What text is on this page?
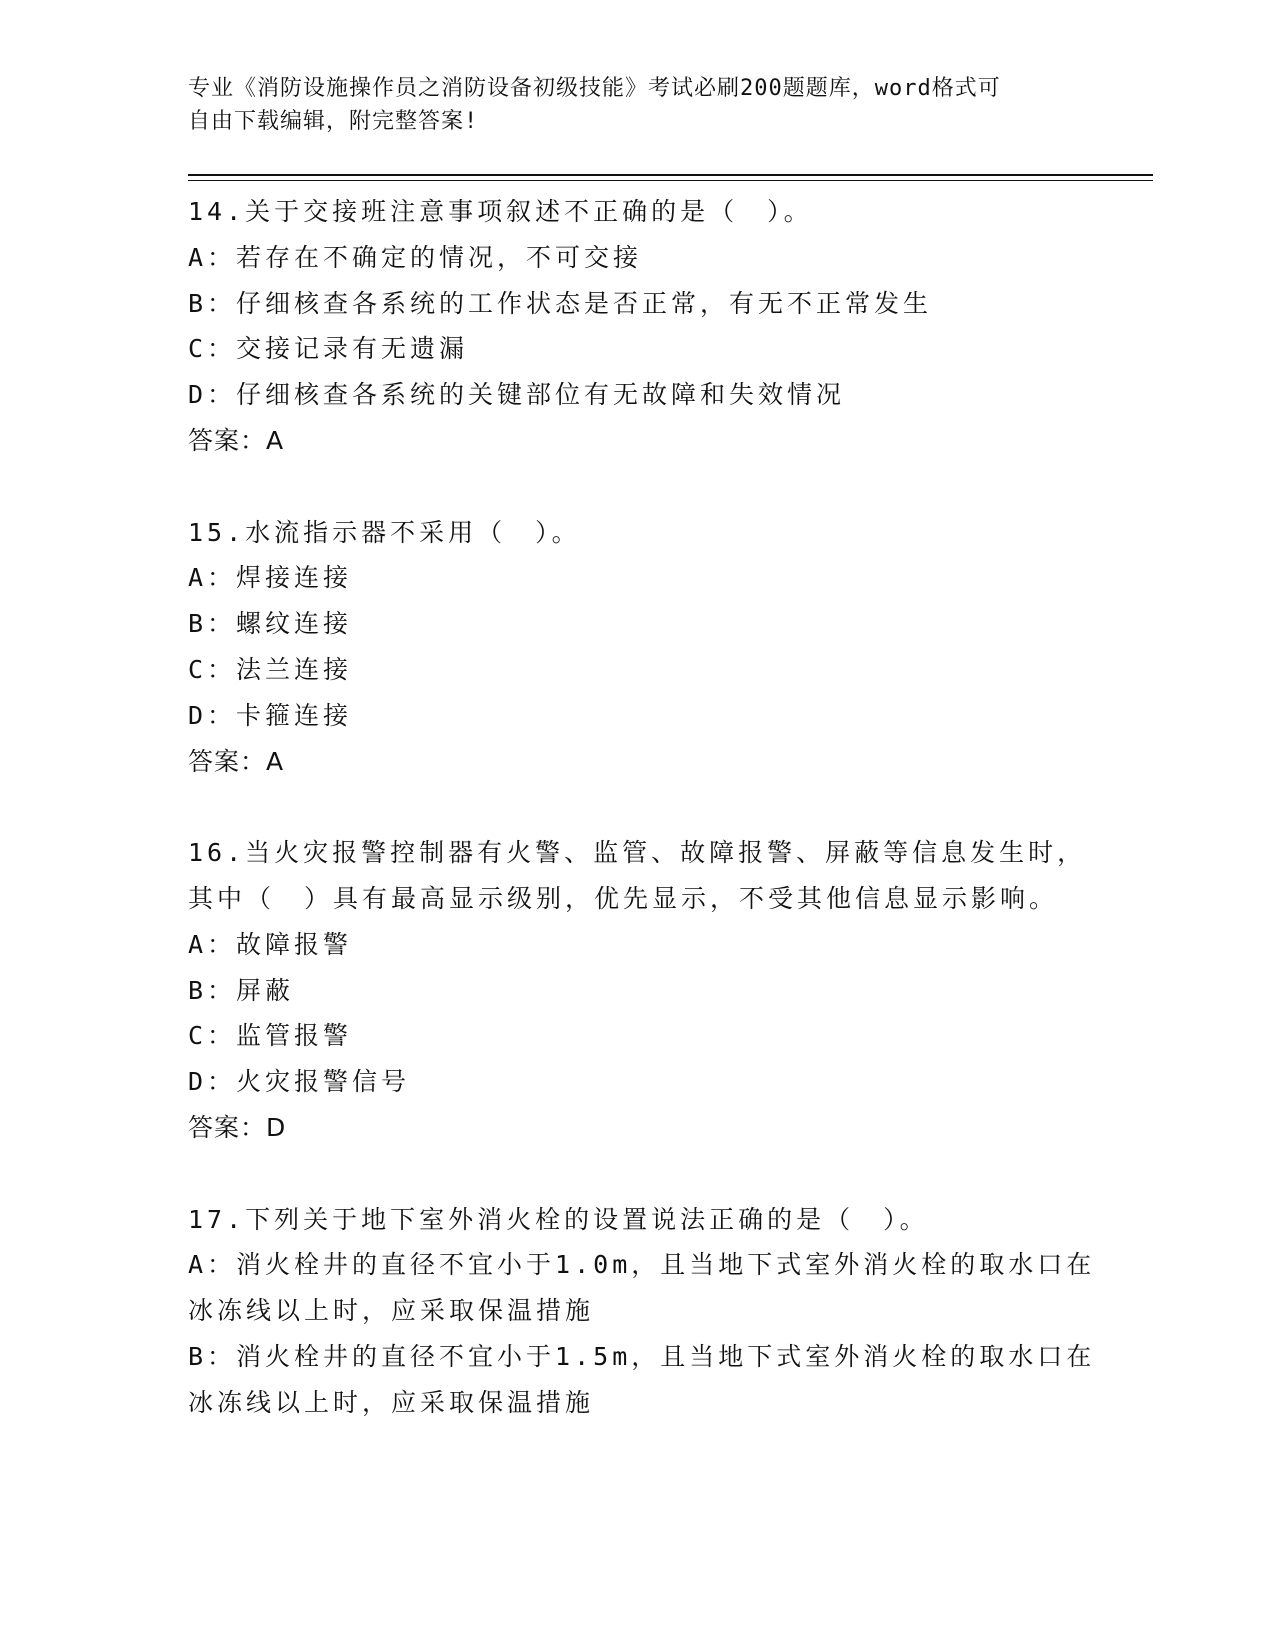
专业《消防设施操作员之消防设备初级技能》考试必刷200题题库，word格式可
自由下载编辑，附完整答案!
14.关于交接班注意事项叙述不正确的是（　）。
A：若存在不确定的情况，不可交接
B：仔细核查各系统的工作状态是否正常，有无不正常发生
C：交接记录有无遗漏
D：仔细核查各系统的关键部位有无故障和失效情况
答案：A
15.水流指示器不采用（　）。
A：焊接连接
B：螺纹连接
C：法兰连接
D：卡箍连接
答案：A
16.当火灾报警控制器有火警、监管、故障报警、屏蔽等信息发生时，
其中（　）具有最高显示级别，优先显示，不受其他信息显示影响。
A：故障报警
B：屏蔽
C：监管报警
D：火灾报警信号
答案：D
17.下列关于地下室外消火栓的设置说法正确的是（　）。
A：消火栓井的直径不宜小于1.0m，且当地下式室外消火栓的取水口在
冰冻线以上时，应采取保温措施
B：消火栓井的直径不宜小于1.5m，且当地下式室外消火栓的取水口在
冰冻线以上时，应采取保温措施
